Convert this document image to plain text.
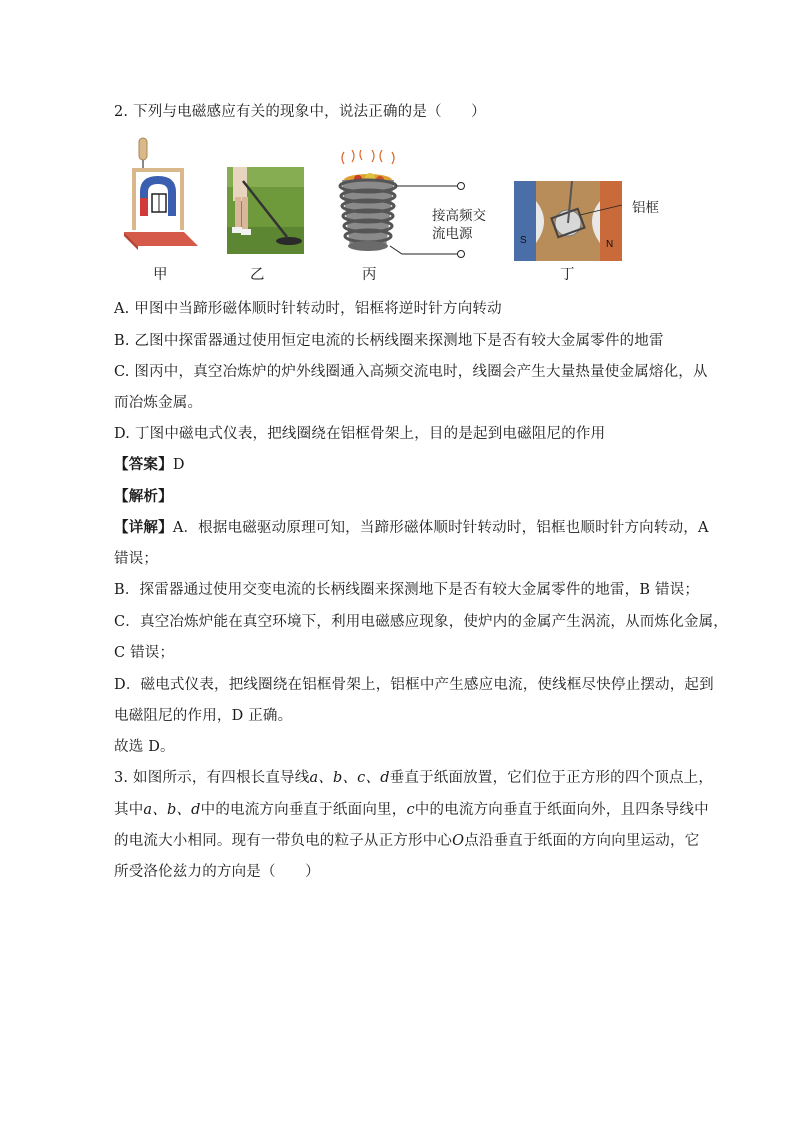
2. 下列与电磁感应有关的现象中，说法正确的是（　　）
甲	乙
接高频交
流电源
丙
S	N
铝框
丁
A. 甲图中当蹄形磁体顺时针转动时，铝框将逆时针方向转动
B. 乙图中探雷器通过使用恒定电流的长柄线圈来探测地下是否有较大金属零件的地雷
C. 图丙中，真空冶炼炉的炉外线圈通入高频交流电时，线圈会产生大量热量使金属熔化，从
而冶炼金属。
D. 丁图中磁电式仪表，把线圈绕在铝框骨架上，目的是起到电磁阻尼的作用
【答案】D
【解析】
【详解】A．根据电磁驱动原理可知，当蹄形磁体顺时针转动时，铝框也顺时针方向转动，A
错误；
B．探雷器通过使用交变电流的长柄线圈来探测地下是否有较大金属零件的地雷，B 错误；
C．真空冶炼炉能在真空环境下，利用电磁感应现象，使炉内的金属产生涡流，从而炼化金属，
C 错误；
D．磁电式仪表，把线圈绕在铝框骨架上，铝框中产生感应电流，使线框尽快停止摆动，起到
电磁阻尼的作用，D 正确。
故选 D。
3. 如图所示，有四根长直导线a、b、c、d垂直于纸面放置，它们位于正方形的四个顶点上，
其中a、b、d中的电流方向垂直于纸面向里，c中的电流方向垂直于纸面向外，且四条导线中
的电流大小相同。现有一带负电的粒子从正方形中心O点沿垂直于纸面的方向向里运动，它
所受洛伦兹力的方向是（　　）
